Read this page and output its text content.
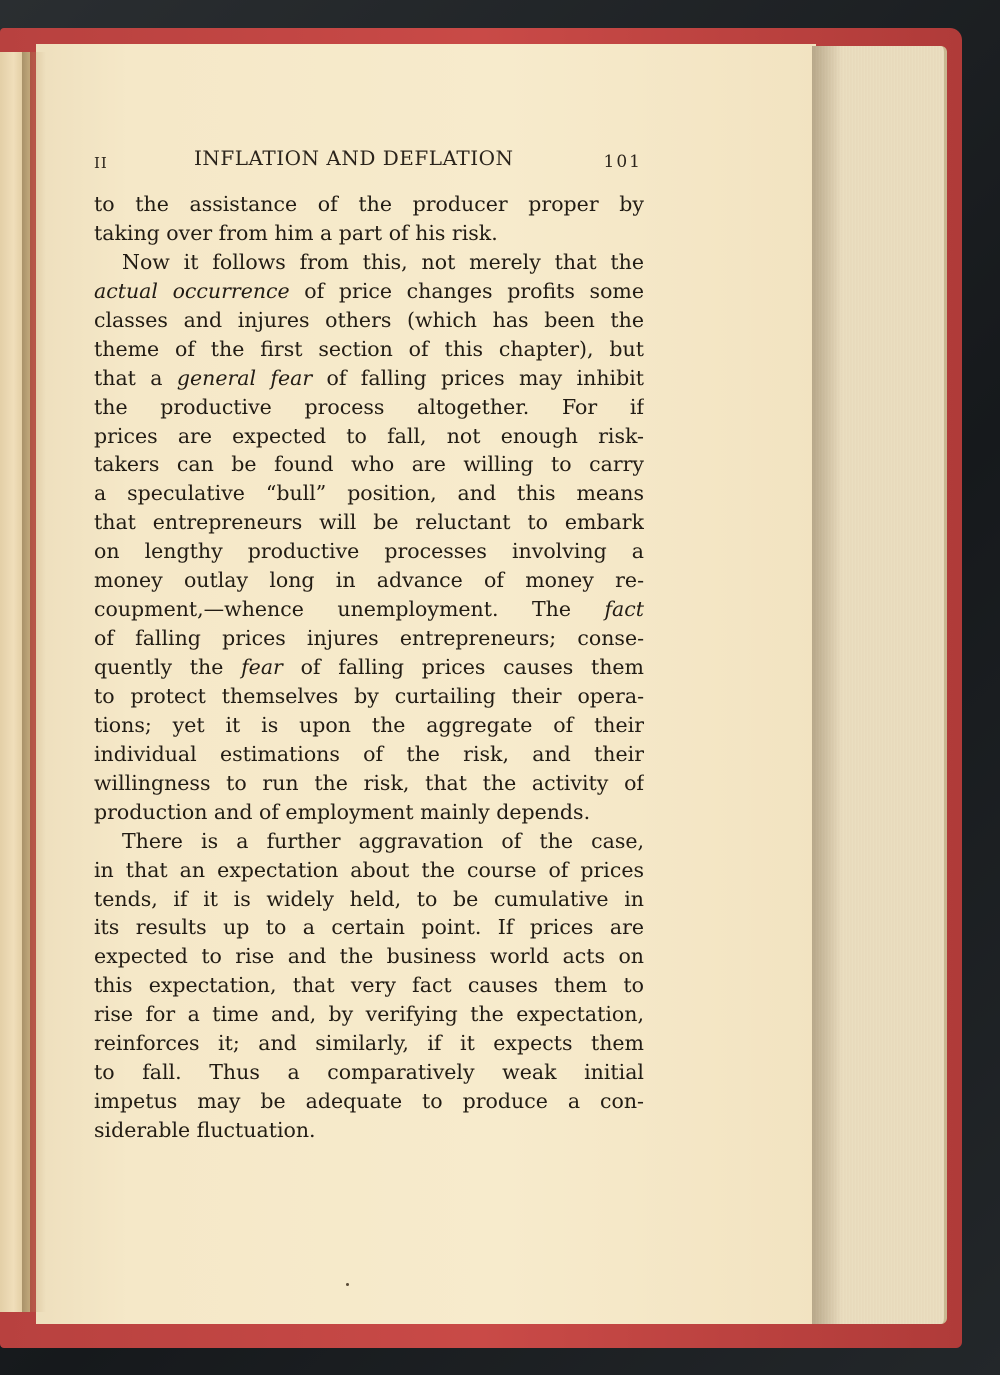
II	INFLATION AND DEFLATION	101
to the assistance of the producer proper by
taking over from him a part of his risk.
Now it follows from this, not merely that the
actual occurrence of price changes profits some
classes and injures others (which has been the
theme of the first section of this chapter), but
that a general fear of falling prices may inhibit
the productive process altogether. For if
prices are expected to fall, not enough risk-
takers can be found who are willing to carry
a speculative “bull” position, and this means
that entrepreneurs will be reluctant to embark
on lengthy productive processes involving a
money outlay long in advance of money re-
coupment,—whence unemployment. The fact
of falling prices injures entrepreneurs; conse-
quently the fear of falling prices causes them
to protect themselves by curtailing their opera-
tions; yet it is upon the aggregate of their
individual estimations of the risk, and their
willingness to run the risk, that the activity of
production and of employment mainly depends.
There is a further aggravation of the case,
in that an expectation about the course of prices
tends, if it is widely held, to be cumulative in
its results up to a certain point. If prices are
expected to rise and the business world acts on
this expectation, that very fact causes them to
rise for a time and, by verifying the expectation,
reinforces it; and similarly, if it expects them
to fall. Thus a comparatively weak initial
impetus may be adequate to produce a con-
siderable fluctuation.
